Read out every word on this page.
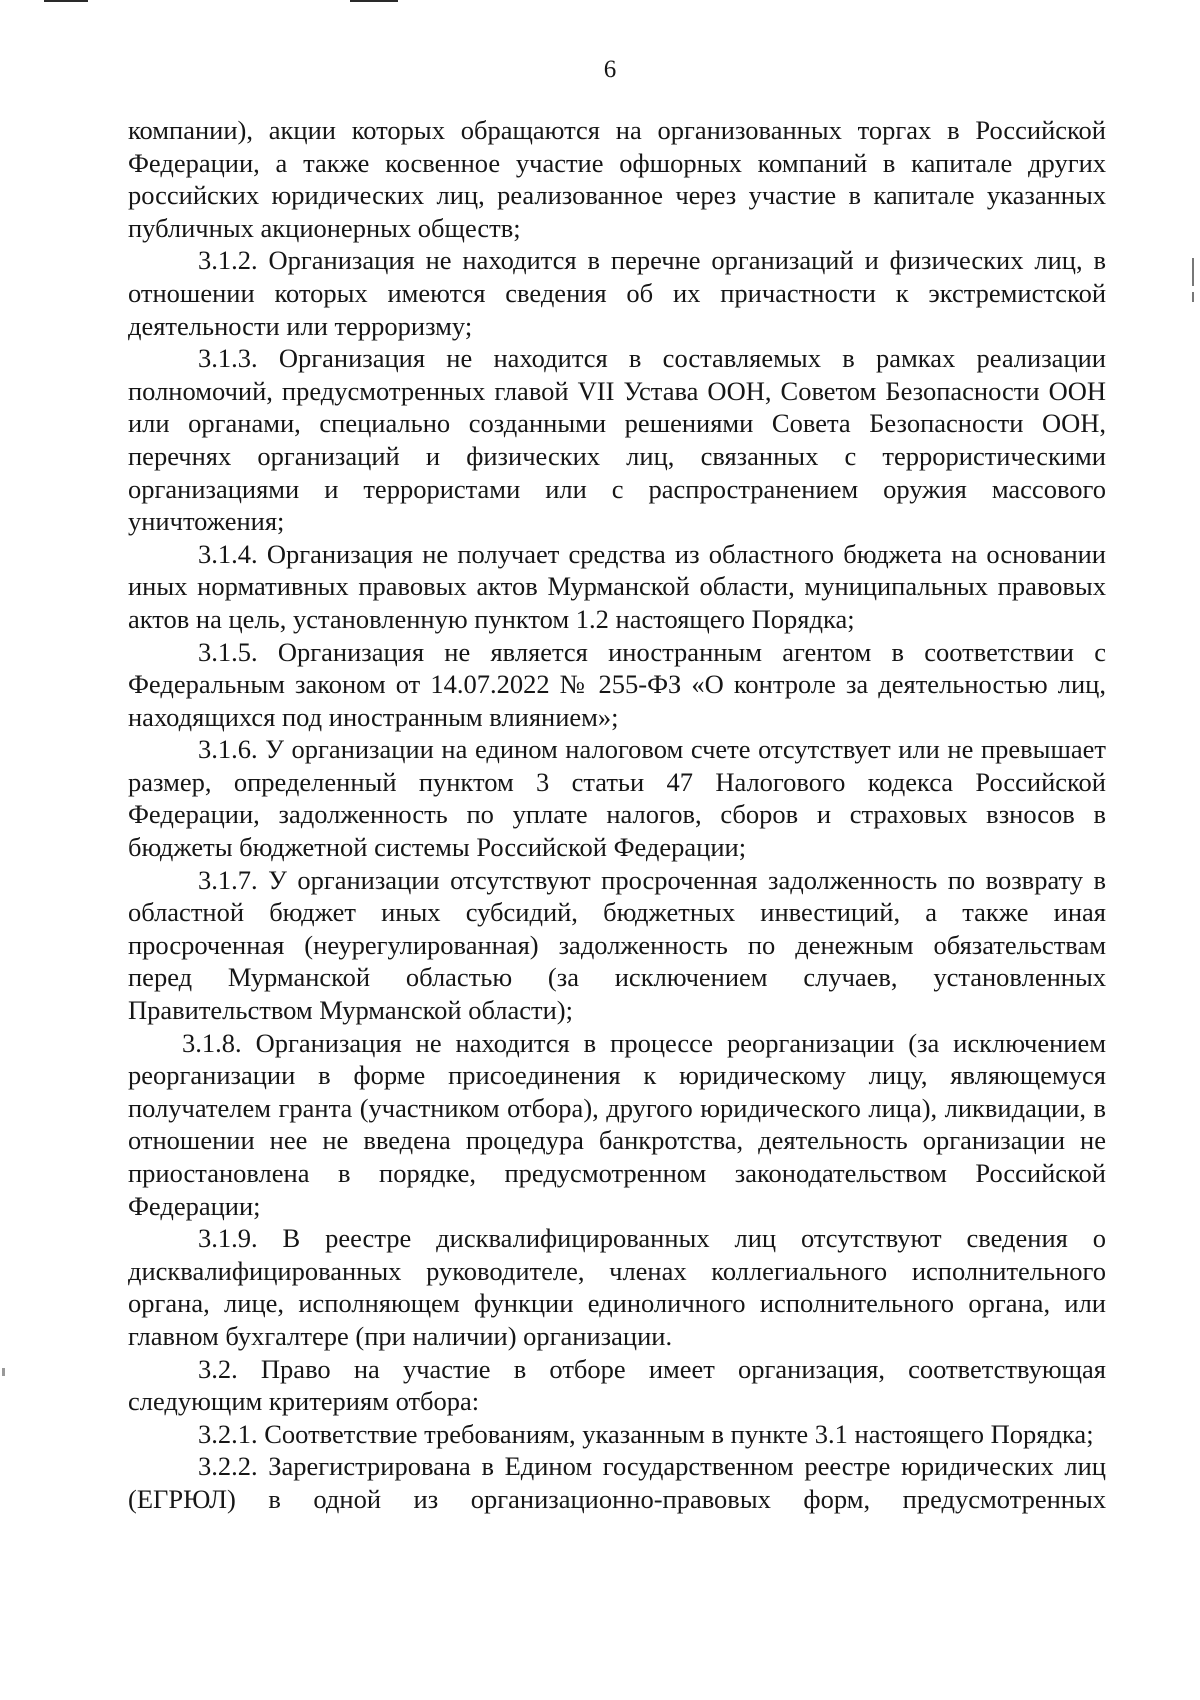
6

компании), акции которых обращаются на организованных торгах в Российской Федерации, а также косвенное участие офшорных компаний в капитале других российских юридических лиц, реализованное через участие в капитале указанных публичных акционерных обществ;

3.1.2. Организация не находится в перечне организаций и физических лиц, в отношении которых имеются сведения об их причастности к экстремистской деятельности или терроризму;

3.1.3. Организация не находится в составляемых в рамках реализации полномочий, предусмотренных главой VII Устава ООН, Советом Безопасности ООН или органами, специально созданными решениями Совета Безопасности ООН, перечнях организаций и физических лиц, связанных с террористическими организациями и террористами или с распространением оружия массового уничтожения;

3.1.4. Организация не получает средства из областного бюджета на основании иных нормативных правовых актов Мурманской области, муниципальных правовых актов на цель, установленную пунктом 1.2 настоящего Порядка;

3.1.5. Организация не является иностранным агентом в соответствии с Федеральным законом от 14.07.2022 № 255-ФЗ «О контроле за деятельностью лиц, находящихся под иностранным влиянием»;

3.1.6. У организации на едином налоговом счете отсутствует или не превышает размер, определенный пунктом 3 статьи 47 Налогового кодекса Российской Федерации, задолженность по уплате налогов, сборов и страховых взносов в бюджеты бюджетной системы Российской Федерации;

3.1.7. У организации отсутствуют просроченная задолженность по возврату в областной бюджет иных субсидий, бюджетных инвестиций, а также иная просроченная (неурегулированная) задолженность по денежным обязательствам перед Мурманской областью (за исключением случаев, установленных Правительством Мурманской области);

3.1.8. Организация не находится в процессе реорганизации (за исключением реорганизации в форме присоединения к юридическому лицу, являющемуся получателем гранта (участником отбора), другого юридического лица), ликвидации, в отношении нее не введена процедура банкротства, деятельность организации не приостановлена в порядке, предусмотренном законодательством Российской Федерации;

3.1.9. В реестре дисквалифицированных лиц отсутствуют сведения о дисквалифицированных руководителе, членах коллегиального исполнительного органа, лице, исполняющем функции единоличного исполнительного органа, или главном бухгалтере (при наличии) организации.

3.2. Право на участие в отборе имеет организация, соответствующая следующим критериям отбора:

3.2.1. Соответствие требованиям, указанным в пункте 3.1 настоящего Порядка;

3.2.2. Зарегистрирована в Едином государственном реестре юридических лиц (ЕГРЮЛ) в одной из организационно-правовых форм, предусмотренных
